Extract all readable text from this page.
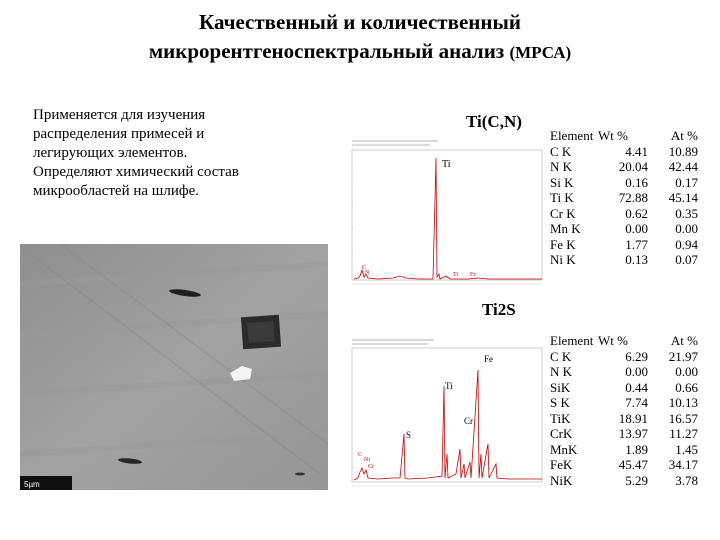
Качественный и количественный
микрорентгеноспектральный анализ (МРСА)
Применяется для изучения
распределения примесей и
легирующих элементов.
Определяют химический состав
микрообластей на шлифе.
5µm
Ti(C,N)
Ti
C
N	Ti Fe
Element	Wt %	At %
C K	4.41	10.89
N K	20.04	42.44
Si K	0.16	0.17
Ti K	72.88	45.14
Cr K	0.62	0.35
Mn K	0.00	0.00
Fe K	1.77	0.94
Ni K	0.13	0.07
Ti2S
Fe
Ti
Cr
S
C
Ni
Cr
Element	Wt %	At %
C K	6.29	21.97
N K	0.00	0.00
SiK	0.44	0.66
S K	7.74	10.13
TiK	18.91	16.57
CrK	13.97	11.27
MnK	1.89	1.45
FeK	45.47	34.17
NiK	5.29	3.78
